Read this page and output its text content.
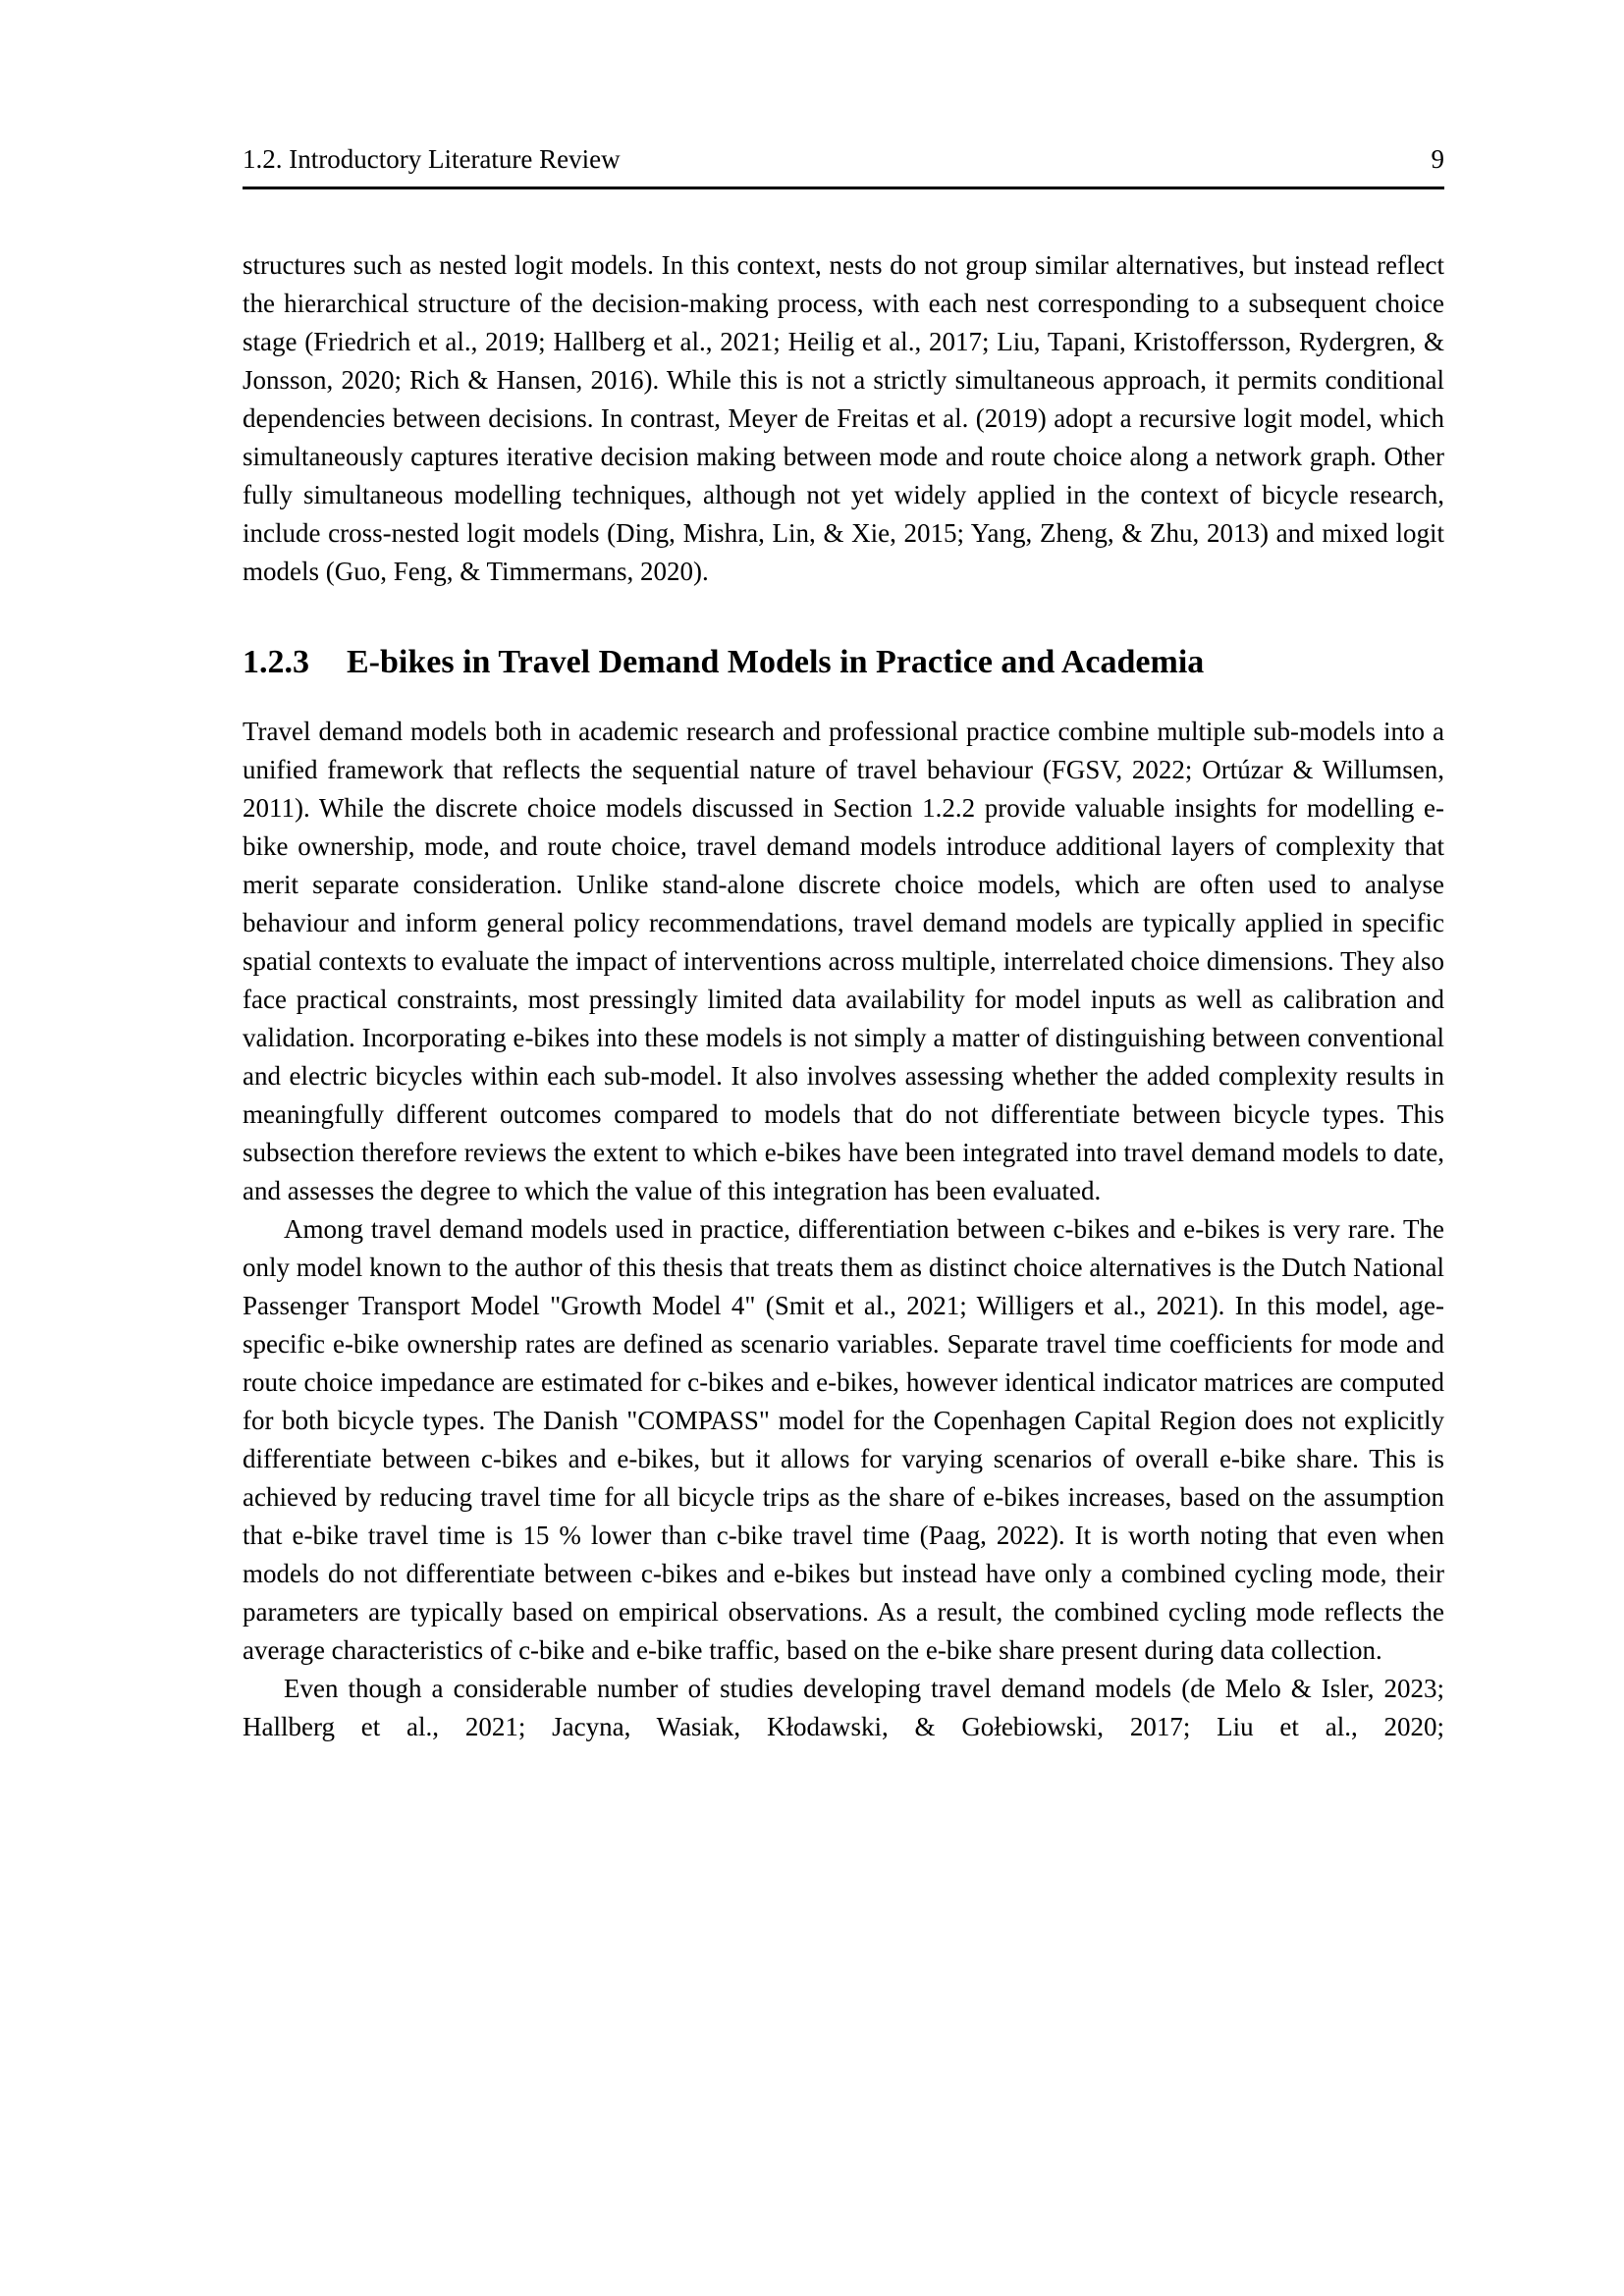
1.2. Introductory Literature Review	9

structures such as nested logit models. In this context, nests do not group similar alternatives, but instead reflect the hierarchical structure of the decision-making process, with each nest corresponding to a subsequent choice stage (Friedrich et al., 2019; Hallberg et al., 2021; Heilig et al., 2017; Liu, Tapani, Kristoffersson, Rydergren, & Jonsson, 2020; Rich & Hansen, 2016). While this is not a strictly simultaneous approach, it permits conditional dependencies between decisions. In contrast, Meyer de Freitas et al. (2019) adopt a recursive logit model, which simultaneously captures iterative decision making between mode and route choice along a network graph. Other fully simultaneous modelling techniques, although not yet widely applied in the context of bicycle research, include cross-nested logit models (Ding, Mishra, Lin, & Xie, 2015; Yang, Zheng, & Zhu, 2013) and mixed logit models (Guo, Feng, & Timmermans, 2020).

1.2.3 E-bikes in Travel Demand Models in Practice and Academia

Travel demand models both in academic research and professional practice combine multiple sub-models into a unified framework that reflects the sequential nature of travel behaviour (FGSV, 2022; Ortúzar & Willumsen, 2011). While the discrete choice models discussed in Section 1.2.2 provide valuable insights for modelling e-bike ownership, mode, and route choice, travel demand models introduce additional layers of complexity that merit separate consideration. Unlike stand-alone discrete choice models, which are often used to analyse behaviour and inform general policy recommendations, travel demand models are typically applied in specific spatial contexts to evaluate the impact of interventions across multiple, interrelated choice dimensions. They also face practical constraints, most pressingly limited data availability for model inputs as well as calibration and validation. Incorporating e-bikes into these models is not simply a matter of distinguishing between conventional and electric bicycles within each sub-model. It also involves assessing whether the added complexity results in meaningfully different outcomes compared to models that do not differentiate between bicycle types. This subsection therefore reviews the extent to which e-bikes have been integrated into travel demand models to date, and assesses the degree to which the value of this integration has been evaluated.

Among travel demand models used in practice, differentiation between c-bikes and e-bikes is very rare. The only model known to the author of this thesis that treats them as distinct choice alternatives is the Dutch National Passenger Transport Model "Growth Model 4" (Smit et al., 2021; Willigers et al., 2021). In this model, age-specific e-bike ownership rates are defined as scenario variables. Separate travel time coefficients for mode and route choice impedance are estimated for c-bikes and e-bikes, however identical indicator matrices are computed for both bicycle types. The Danish "COMPASS" model for the Copenhagen Capital Region does not explicitly differentiate between c-bikes and e-bikes, but it allows for varying scenarios of overall e-bike share. This is achieved by reducing travel time for all bicycle trips as the share of e-bikes increases, based on the assumption that e-bike travel time is 15 % lower than c-bike travel time (Paag, 2022). It is worth noting that even when models do not differentiate between c-bikes and e-bikes but instead have only a combined cycling mode, their parameters are typically based on empirical observations. As a result, the combined cycling mode reflects the average characteristics of c-bike and e-bike traffic, based on the e-bike share present during data collection.

Even though a considerable number of studies developing travel demand models (de Melo & Isler, 2023; Hallberg et al., 2021; Jacyna, Wasiak, Kłodawski, & Gołebiowski, 2017; Liu et al., 2020;
